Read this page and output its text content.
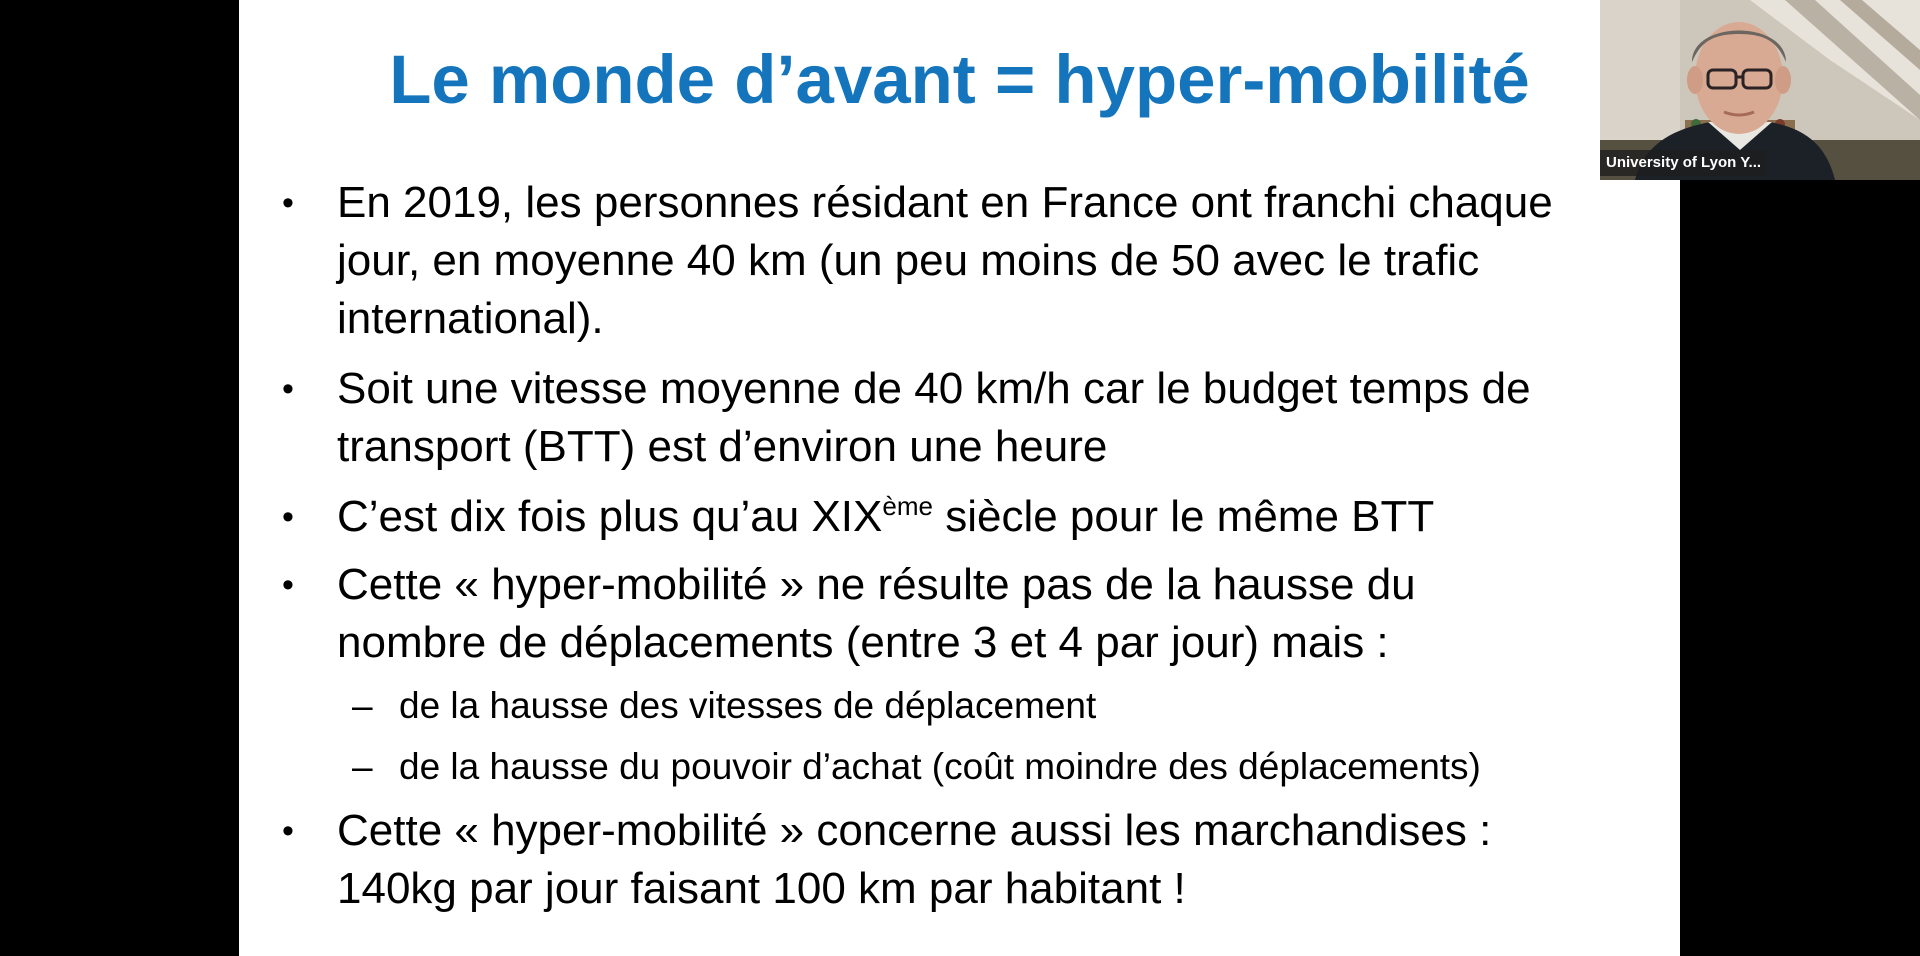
Le monde d’avant = hyper-mobilité
• En 2019, les personnes résidant en France ont franchi chaque
jour, en moyenne 40 km (un peu moins de 50 avec le trafic
international).
• Soit une vitesse moyenne de 40 km/h car le budget temps de
transport (BTT) est d’environ une heure
• C’est dix fois plus qu’au XIXème siècle pour le même BTT
• Cette « hyper-mobilité » ne résulte pas de la hausse du
nombre de déplacements (entre 3 et 4 par jour) mais :
– de la hausse des vitesses de déplacement
– de la hausse du pouvoir d’achat (coût moindre des déplacements)
• Cette « hyper-mobilité » concerne aussi les marchandises :
140kg par jour faisant 100 km par habitant !
University of Lyon Y...
